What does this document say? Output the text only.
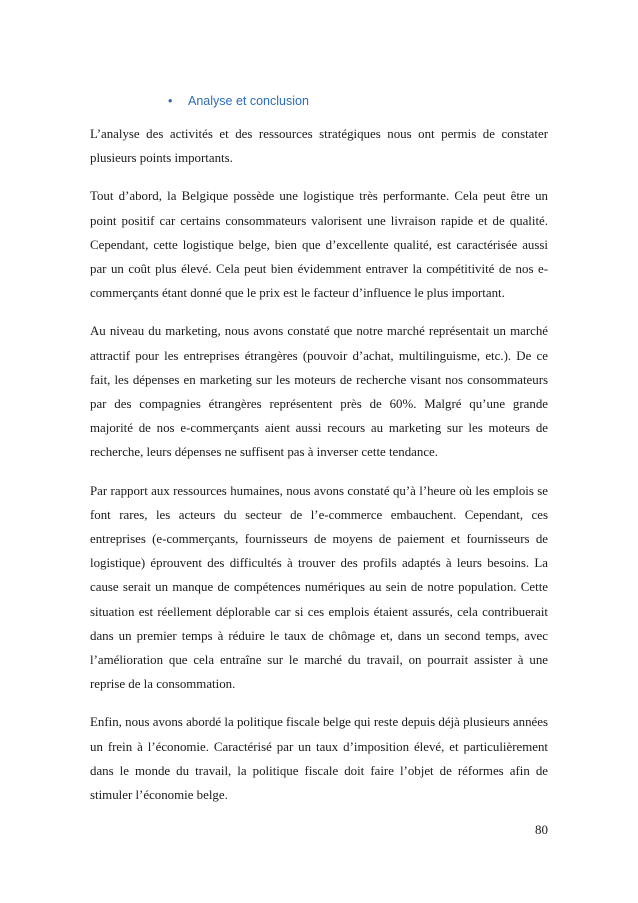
• Analyse et conclusion

L’analyse des activités et des ressources stratégiques nous ont permis de constater plusieurs points importants.

Tout d’abord, la Belgique possède une logistique très performante. Cela peut être un point positif car certains consommateurs valorisent une livraison rapide et de qualité. Cependant, cette logistique belge, bien que d’excellente qualité, est caractérisée aussi par un coût plus élevé. Cela peut bien évidemment entraver la compétitivité de nos e-commerçants étant donné que le prix est le facteur d’influence le plus important.

Au niveau du marketing, nous avons constaté que notre marché représentait un marché attractif pour les entreprises étrangères (pouvoir d’achat, multilinguisme, etc.). De ce fait, les dépenses en marketing sur les moteurs de recherche visant nos consommateurs par des compagnies étrangères représentent près de 60%. Malgré qu’une grande majorité de nos e-commerçants aient aussi recours au marketing sur les moteurs de recherche, leurs dépenses ne suffisent pas à inverser cette tendance.

Par rapport aux ressources humaines, nous avons constaté qu’à l’heure où les emplois se font rares, les acteurs du secteur de l’e-commerce embauchent. Cependant, ces entreprises (e-commerçants, fournisseurs de moyens de paiement et fournisseurs de logistique) éprouvent des difficultés à trouver des profils adaptés à leurs besoins. La cause serait un manque de compétences numériques au sein de notre population. Cette situation est réellement déplorable car si ces emplois étaient assurés, cela contribuerait dans un premier temps à réduire le taux de chômage et, dans un second temps, avec l’amélioration que cela entraîne sur le marché du travail, on pourrait assister à une reprise de la consommation.

Enfin, nous avons abordé la politique fiscale belge qui reste depuis déjà plusieurs années un frein à l’économie. Caractérisé par un taux d’imposition élevé, et particulièrement dans le monde du travail, la politique fiscale doit faire l’objet de réformes afin de stimuler l’économie belge.

80
